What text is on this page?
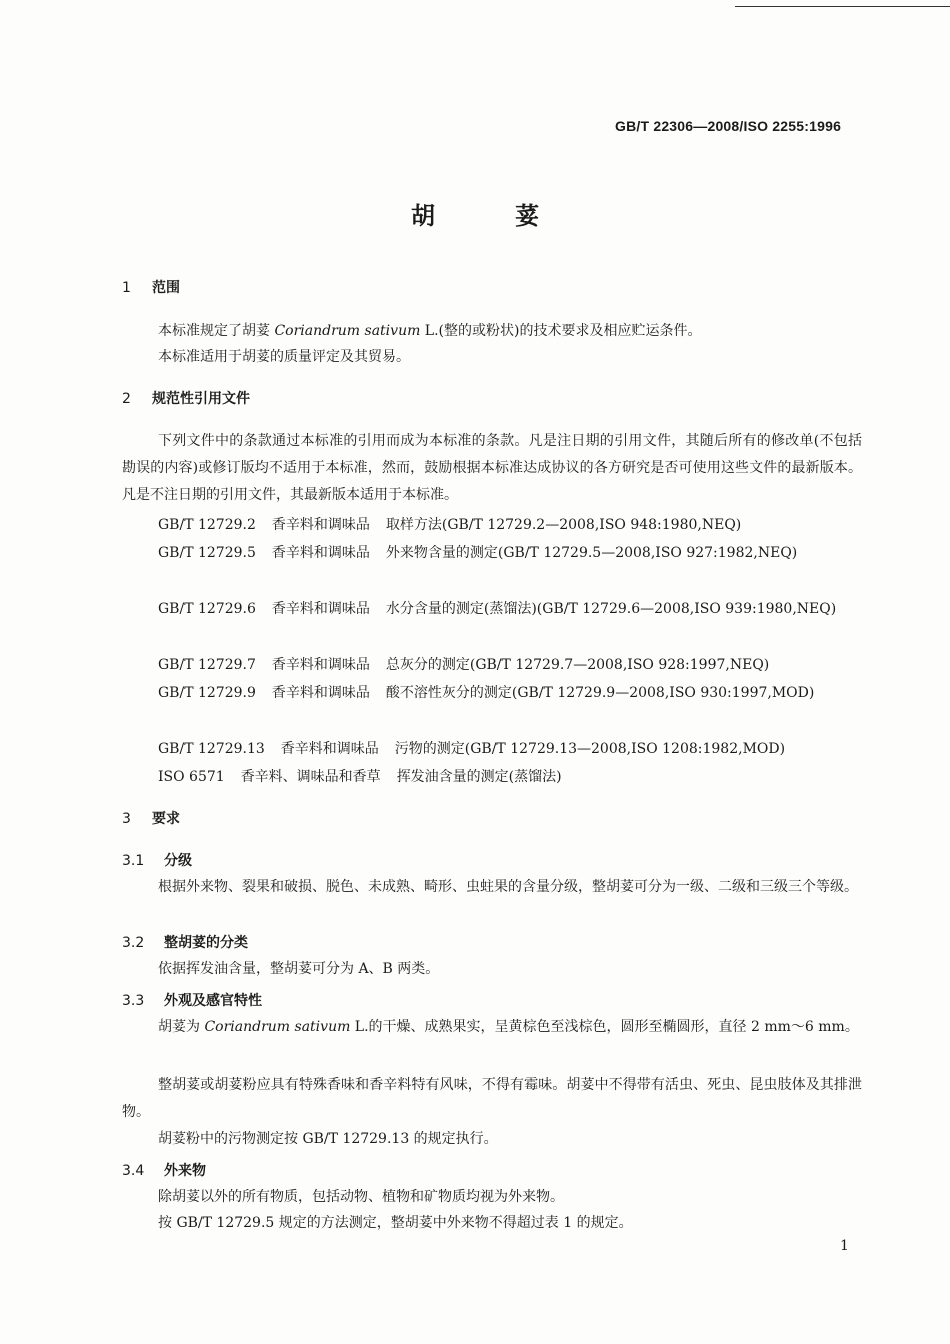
GB/T 22306—2008/ISO 2255:1996
胡荽
1 范围
本标准规定了胡荽 Coriandrum sativum L.(整的或粉状)的技术要求及相应贮运条件。
本标准适用于胡荽的质量评定及其贸易。
2 规范性引用文件
下列文件中的条款通过本标准的引用而成为本标准的条款。凡是注日期的引用文件，其随后所有的修改单(不包括勘误的内容)或修订版均不适用于本标准，然而，鼓励根据本标准达成协议的各方研究是否可使用这些文件的最新版本。凡是不注日期的引用文件，其最新版本适用于本标准。
GB/T 12729.2 香辛料和调味品 取样方法(GB/T 12729.2—2008,ISO 948:1980,NEQ)
GB/T 12729.5 香辛料和调味品 外来物含量的测定(GB/T 12729.5—2008,ISO 927:1982,NEQ)
GB/T 12729.6 香辛料和调味品 水分含量的测定(蒸馏法)(GB/T 12729.6—2008,ISO 939:1980,NEQ)
GB/T 12729.7 香辛料和调味品 总灰分的测定(GB/T 12729.7—2008,ISO 928:1997,NEQ)
GB/T 12729.9 香辛料和调味品 酸不溶性灰分的测定(GB/T 12729.9—2008,ISO 930:1997,MOD)
GB/T 12729.13 香辛料和调味品 污物的测定(GB/T 12729.13—2008,ISO 1208:1982,MOD)
ISO 6571 香辛料、调味品和香草 挥发油含量的测定(蒸馏法)
3 要求
3.1 分级
根据外来物、裂果和破损、脱色、未成熟、畸形、虫蛀果的含量分级，整胡荽可分为一级、二级和三级三个等级。
3.2 整胡荽的分类
依据挥发油含量，整胡荽可分为 A、B 两类。
3.3 外观及感官特性
胡荽为 Coriandrum sativum L.的干燥、成熟果实，呈黄棕色至浅棕色，圆形至椭圆形，直径 2 mm～6 mm。
整胡荽或胡荽粉应具有特殊香味和香辛料特有风味，不得有霉味。胡荽中不得带有活虫、死虫、昆虫肢体及其排泄物。
胡荽粉中的污物测定按 GB/T 12729.13 的规定执行。
3.4 外来物
除胡荽以外的所有物质，包括动物、植物和矿物质均视为外来物。
按 GB/T 12729.5 规定的方法测定，整胡荽中外来物不得超过表 1 的规定。
1
